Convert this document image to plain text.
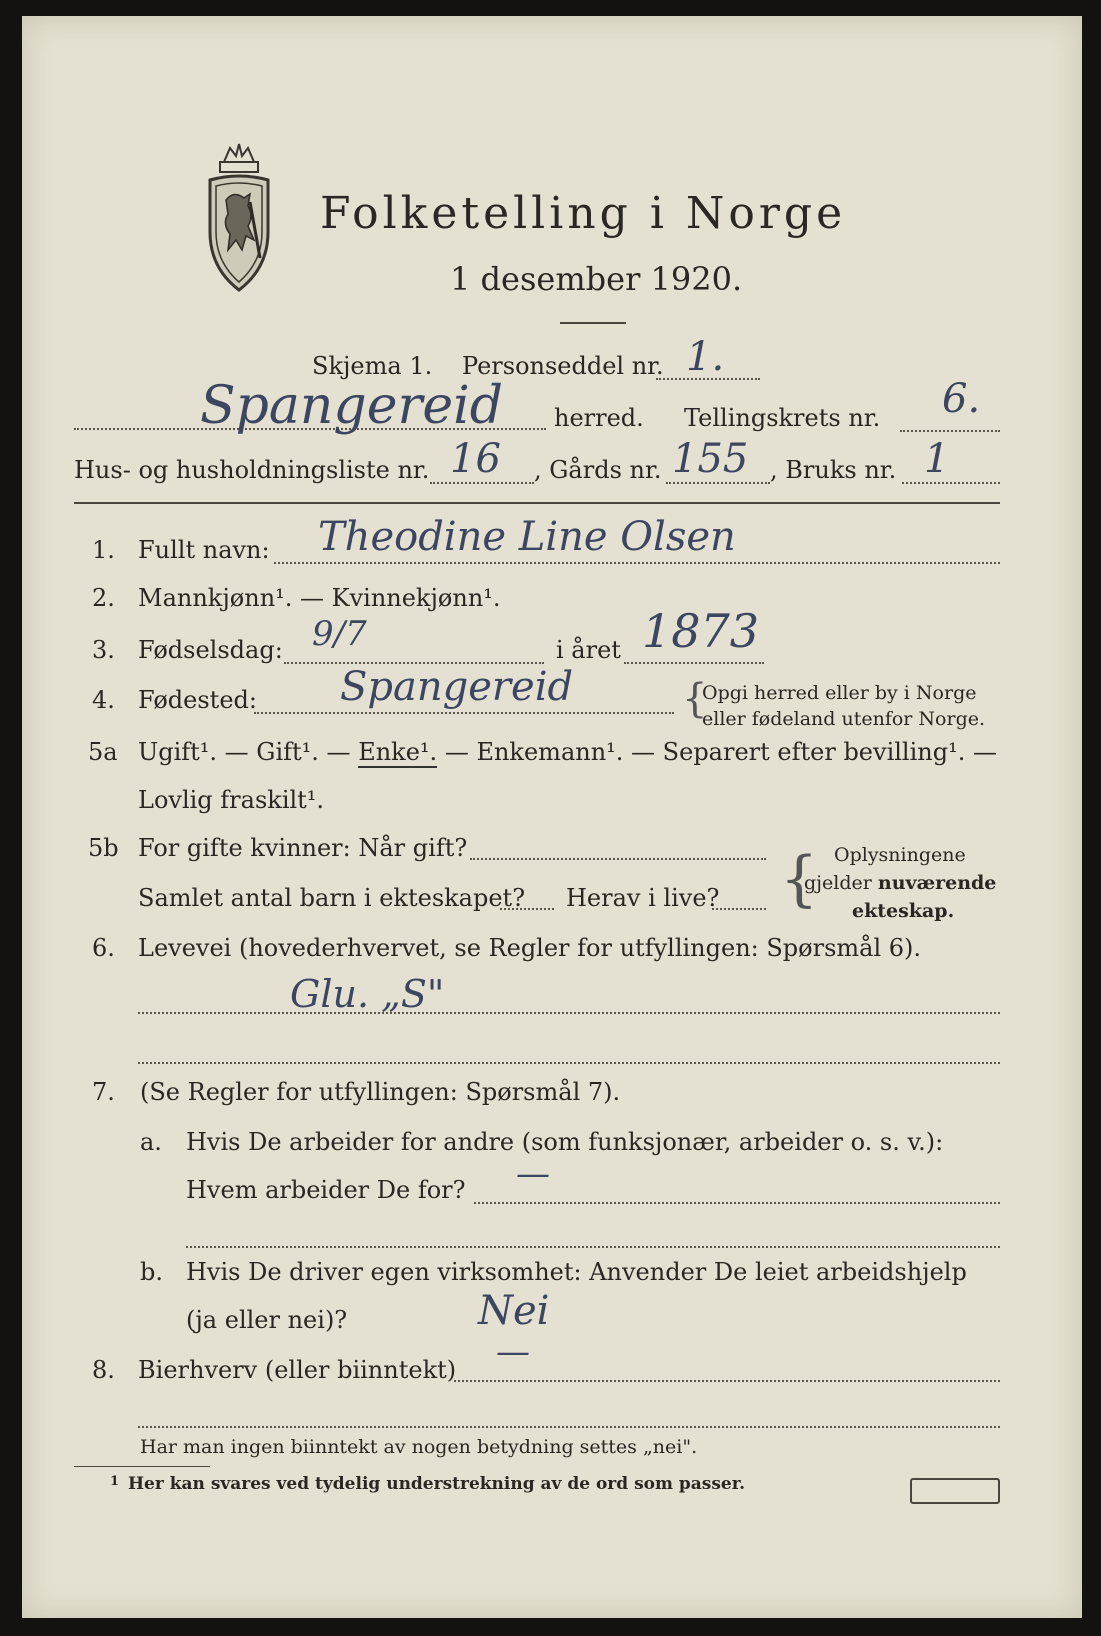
Folketelling i Norge
1 desember 1920.
Skjema 1. Personseddel nr. 1.
Spangereid herred. Tellingskrets nr. 6.
Hus- og husholdningsliste nr. 16 , Gårds nr. 155 , Bruks nr. 1
1. Fullt navn: Theodine Line Olsen
2. Mannkjønn¹. — Kvinnekjønn¹.
3. Fødselsdag: 9/7	i året 1873
4. Fødested: Spangereid	{
Opgi herred eller by i Norge
eller fødeland utenfor Norge.
5a Ugift¹. — Gift¹. — Enke¹. — Enkemann¹. — Separert efter bevilling¹. —
Lovlig fraskilt¹.
5b For gifte kvinner: Når gift?
Samlet antal barn i ekteskapet? Herav i live? { Oplysningene
gjelder nuværende
ekteskap.
6. Levevei (hovederhvervet, se Regler for utfyllingen: Spørsmål 6).
Glu. „S"
7. (Se Regler for utfyllingen: Spørsmål 7).
a. Hvis De arbeider for andre (som funksjonær, arbeider o. s. v.):
Hvem arbeider De for? —
b. Hvis De driver egen virksomhet: Anvender De leiet arbeidshjelp
(ja eller nei)?	Nei
8. Bierhverv (eller biinntekt) —
Har man ingen biinntekt av nogen betydning settes „nei".
1 Her kan svares ved tydelig understrekning av de ord som passer.
